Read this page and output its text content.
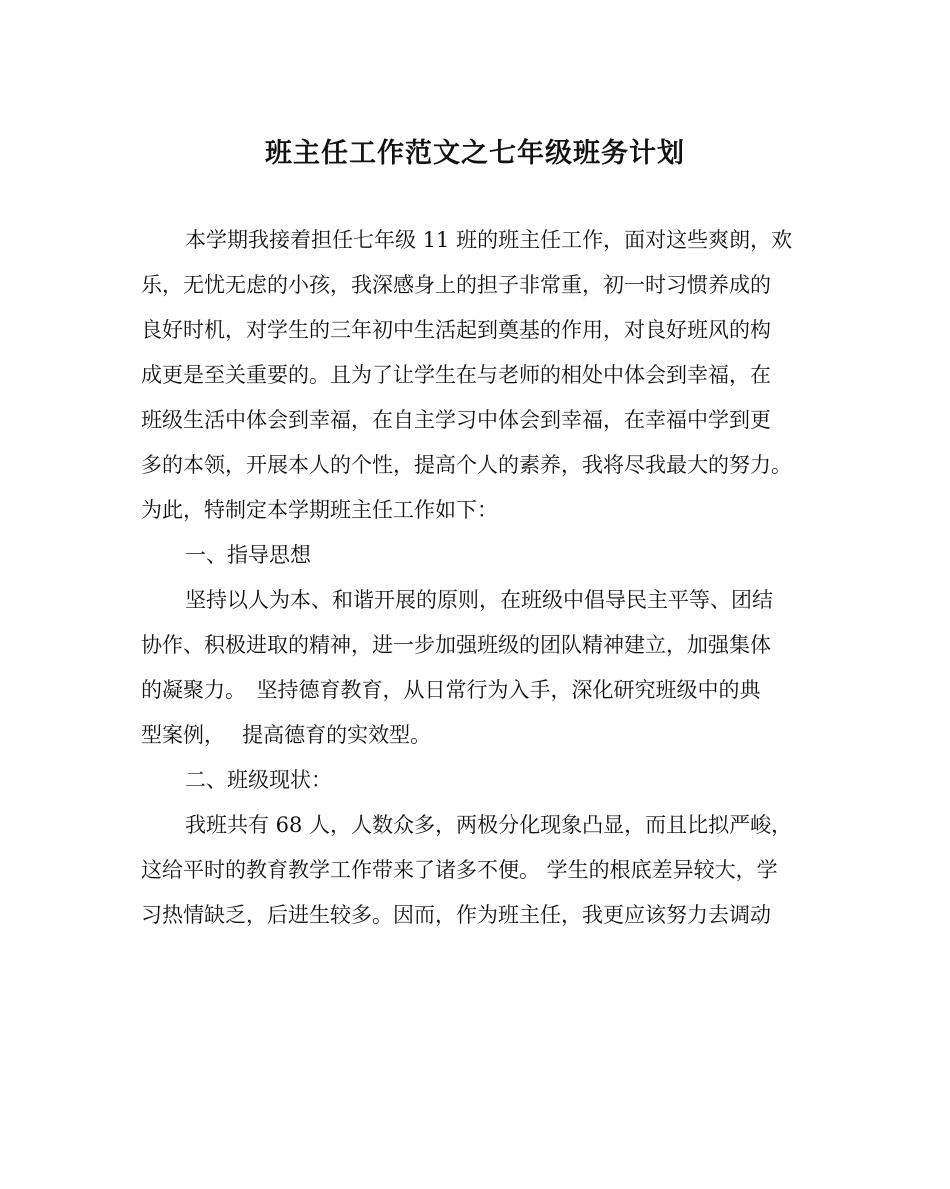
班主任工作范文之七年级班务计划

本学期我接着担任七年级 11 班的班主任工作，面对这些爽朗，欢

乐，无忧无虑的小孩，我深感身上的担子非常重，初一时习惯养成的

良好时机，对学生的三年初中生活起到奠基的作用，对良好班风的构

成更是至关重要的。且为了让学生在与老师的相处中体会到幸福，在

班级生活中体会到幸福，在自主学习中体会到幸福，在幸福中学到更

多的本领，开展本人的个性，提高个人的素养，我将尽我最大的努力。

为此，特制定本学期班主任工作如下：

一、指导思想

坚持以人为本、和谐开展的原则，在班级中倡导民主平等、团结

协作、积极进取的精神，进一步加强班级的团队精神建立，加强集体

的凝聚力。　坚持德育教育，从日常行为入手，深化研究班级中的典

型案例，　 提高德育的实效型。

二、班级现状：

我班共有 68 人，人数众多，两极分化现象凸显，而且比拟严峻，

这给平时的教育教学工作带来了诸多不便。 学生的根底差异较大，学

习热情缺乏，后进生较多。因而，作为班主任，我更应该努力去调动
